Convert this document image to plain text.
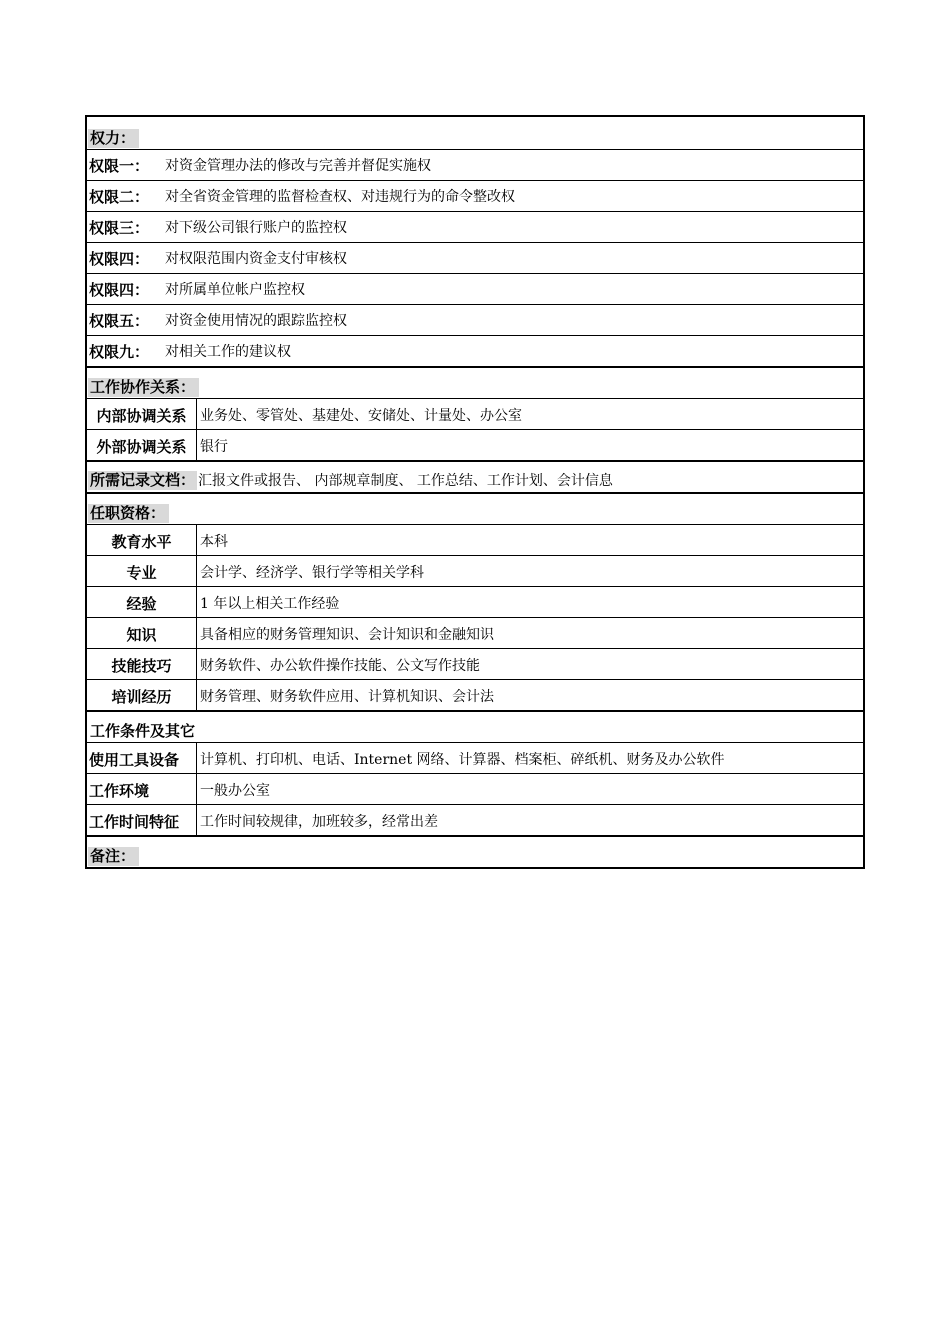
权力：
权限一：	对资金管理办法的修改与完善并督促实施权
权限二：	对全省资金管理的监督检查权、对违规行为的命令整改权
权限三：	对下级公司银行账户的监控权
权限四：	对权限范围内资金支付审核权
权限四：	对所属单位帐户监控权
权限五：	对资金使用情况的跟踪监控权
权限九：	对相关工作的建议权
工作协作关系：
内部协调关系 业务处、零管处、基建处、安储处、计量处、办公室
外部协调关系 银行
所需记录文档： 汇报文件或报告、 内部规章制度、 工作总结、工作计划、会计信息
任职资格：
教育水平	本科
专业	会计学、经济学、银行学等相关学科
经验	1 年以上相关工作经验
知识	具备相应的财务管理知识、会计知识和金融知识
技能技巧	财务软件、办公软件操作技能、公文写作技能
培训经历	财务管理、财务软件应用、计算机知识、会计法
工作条件及其它
使用工具设备	计算机、打印机、电话、Internet 网络、计算器、档案柜、碎纸机、财务及办公软件
工作环境	一般办公室
工作时间特征	工作时间较规律，加班较多，经常出差
备注：
